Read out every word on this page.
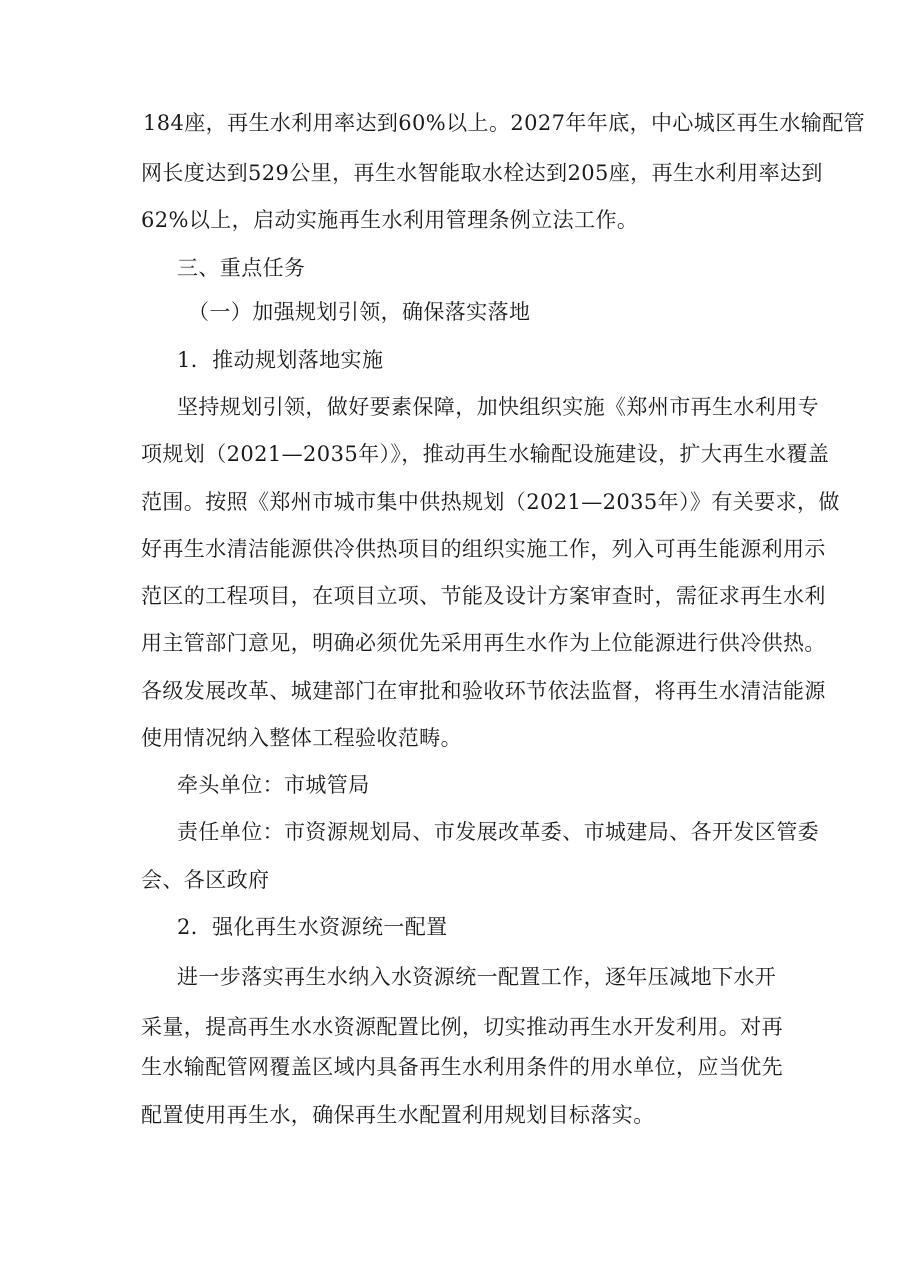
184座，再生水利用率达到60%以上。2027年年底，中心城区再生水输配管
网长度达到529公里，再生水智能取水栓达到205座，再生水利用率达到
62%以上，启动实施再生水利用管理条例立法工作。
三、重点任务
（一）加强规划引领，确保落实落地
1．推动规划落地实施
坚持规划引领，做好要素保障，加快组织实施《郑州市再生水利用专
项规划（2021—2035年）》，推动再生水输配设施建设，扩大再生水覆盖
范围。按照《郑州市城市集中供热规划（2021—2035年）》有关要求，做
好再生水清洁能源供冷供热项目的组织实施工作，列入可再生能源利用示
范区的工程项目，在项目立项、节能及设计方案审查时，需征求再生水利
用主管部门意见，明确必须优先采用再生水作为上位能源进行供冷供热。
各级发展改革、城建部门在审批和验收环节依法监督，将再生水清洁能源
使用情况纳入整体工程验收范畴。
牵头单位：市城管局
责任单位：市资源规划局、市发展改革委、市城建局、各开发区管委
会、各区政府
2．强化再生水资源统一配置
进一步落实再生水纳入水资源统一配置工作，逐年压减地下水开
采量，提高再生水水资源配置比例，切实推动再生水开发利用。对再
生水输配管网覆盖区域内具备再生水利用条件的用水单位，应当优先
配置使用再生水，确保再生水配置利用规划目标落实。
